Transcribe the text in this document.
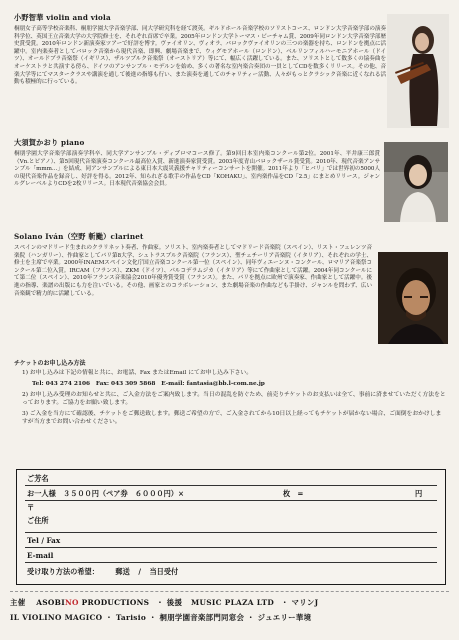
小野智華 violin and viola
桐朋女子高等学校音楽科、桐朋学園大学音楽学部、同大学研究科を経て渡英。ギルドホール音楽学校のソリストコース、ロンドン大学音楽学部の演奏科学位、英国王立音楽大学の大学院修士を、それぞれ首席で卒業。2005年ロンドン大学トーマス・ビーチャム賞、2009年同ロンドン大学音楽学部歴史賞受賞。2010年ロンドン新演奏家ツアーで好評を博す。ヴァイオリン、ヴィオラ、バロックヴァイオリンの三つの楽器を持ち、ロンドンを拠点に活躍中。室内楽奏者としてバロック音楽から現代音楽、即興、劇場音楽まで、ウィグモアホール（ロンドン）、ベルリンフィルハーモニアホール（ドイツ）、オールドブラ音楽祭（イギリス）、ザルツブルク音楽祭（オーストリア）等にて、幅広く活躍している。また、ソリストとして数多くの協奏曲をオーケストラと共演する傍ら、ドイツのアンサンブル・モデルンを始め、多くの著名な室内楽合奏団の一員としてCDを数多くリリース。その他、音楽大学等にてマスタークラスや講演を通して後進の指導も行い、また演奏を通してのチャリティー活動、人々がもっとクラシック音楽に近くなれる活動も積極的に行っている。
大須賀かおり piano
桐朋学園大学音楽学部演奏学科卒、同大学アンサンブル・ディプロマコース修了。第9回日本室内楽コンクール第2位。2001年、平井康三郎賞（Vn.とピアノ）、第5回現代音楽演奏コンクール最高位入賞、新進演奏家賞受賞。2003年度青山バロックザール賞受賞。2010年、現代音楽アンサンブル「mmm…」を結成、同アンサンブルによる東日本大震災義援チャリティーコンサートを開催。2011年より「ヒバリ」では世界初の5000人の現代音楽作品を録音し、好評を得る。2012年、知られざる歌手の作品をCD「KOHAKU」、室内楽作品をCD「2.5」にまとめリリース。ジャンルグレーベルよりCDを2枚リリース。日本現代音楽協会会員。
Solano Iván（空野 斬颱）clarinet
スペインのマドリード生まれのクラリネット奏者、作曲家。ソリスト、室内楽奏者としてマドリード音楽院（スペイン）、リスト・フェレンツ音楽院（ハンガリー）、作曲家としてパリ第8大学、シュトラスブルク音楽院（フランス）、聖チェチーリア音楽院（イタリア）、それぞれの学士、修士を主席で卒業。2000年INAEMスペイン文化庁国立音楽コンクール第一位（スペイン）、同年ヴィエーンヌ・コンクール、ロマリア音楽祭コンクール第二位入賞。IRCAM（フランス）、ZKM（ドイツ）、パルコデラムジカ（イタリア）等にて作曲家として活躍。2004年同コンクールにて第二位（スペイン）、2010年フランス音楽協会2010年優秀賞受賞（フランス）。また、パリを拠点に欧州で演奏家、作曲家として活躍中。後進の指導、楽譜の出版にも力を注いでいる。その他、画家とのコラボレーション、また劇場音楽の作曲なども手掛け、ジャンルを問わず、広い音楽観で精力的に活躍している。
チケットのお申し込み方法

1) お申し込みは下記の情報と共に、お電話、Fax またはEmail にてお申し込み下さい。

Tel: 043 274 2106　Fax: 043 309 5868　E-mail: fantasia@bb.l-com.ne.jp

2) お申し込み受理のお知らせと共に、ご入金方法をご案内致します。当日の混乱を防ぐため、前売りチケットのお支払いは全て、事前に済ませていただく方法をとっております。ご協力をお願い致します。

3) ご入金を当方にて確認後、チケットをご郵送致します。郵送ご希望の方で、ご入金されてから10日以上経ってもチケットが届かない場合、ご面倒をおかけしますが当方までお問い合わせください。

ご芳名
お一人様　３５００円（ペア券　６０００円）×	枚　=	円
〒
ご住所
Tel / Fax
E-mail
受け取り方法の希望： 郵送 / 当日受付
主催 ASOBINO PRODUCTIONS ・ 後援 MUSIC PLAZA LTD ・ マリンJ
IL VIOLINO MAGICO ・ Tarisio ・ 桐朋学園音楽部門同窓会 ・ ジュエリー華境
